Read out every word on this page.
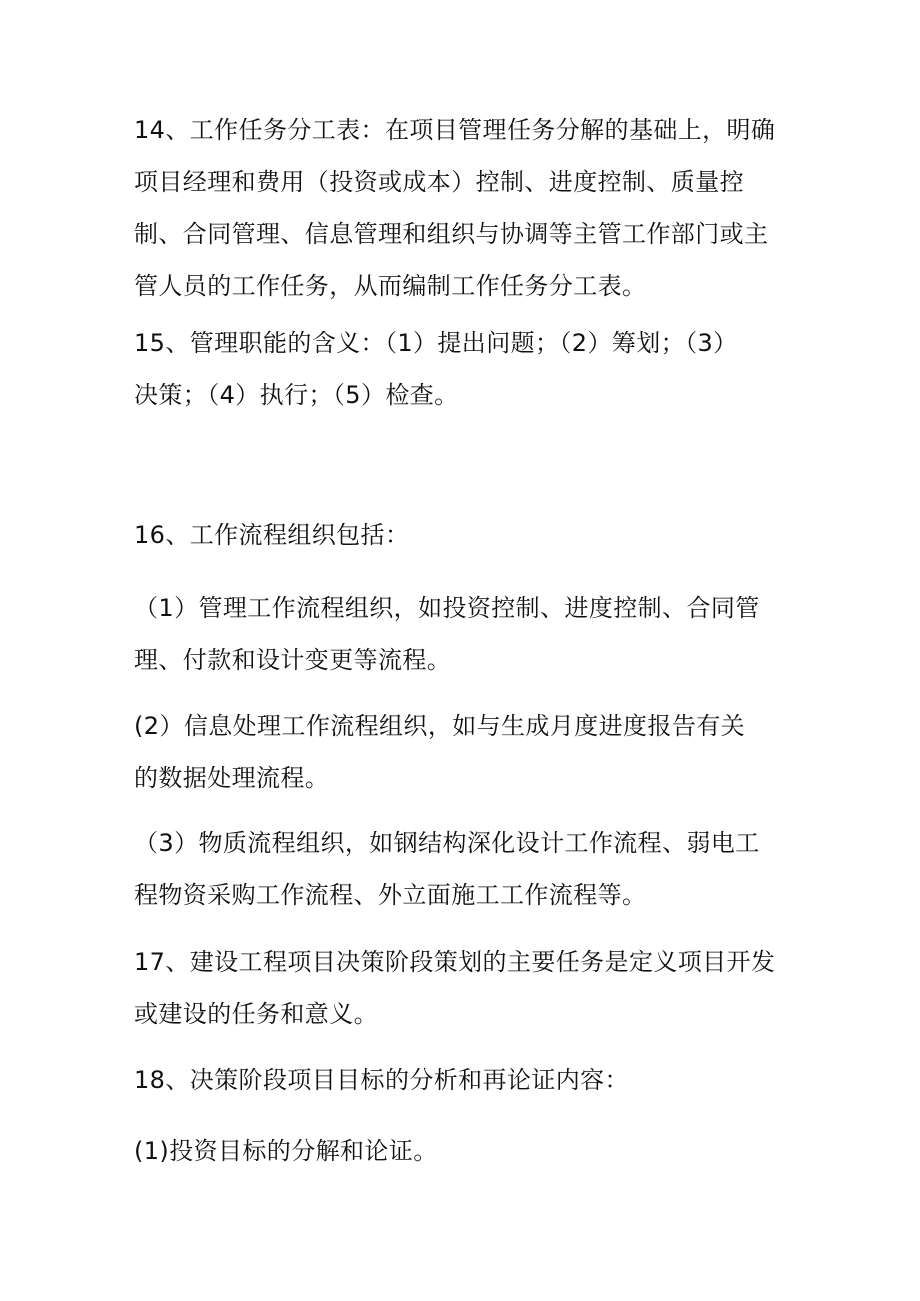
14、工作任务分工表：在项目管理任务分解的基础上，明确
项目经理和费用（投资或成本）控制、进度控制、质量控
制、合同管理、信息管理和组织与协调等主管工作部门或主
管人员的工作任务，从而编制工作任务分工表。

15、管理职能的含义：（1）提出问题；（2）筹划；（3）
决策；（4）执行；（5）检查。

16、工作流程组织包括：

（1）管理工作流程组织，如投资控制、进度控制、合同管
理、付款和设计变更等流程。

(2）信息处理工作流程组织，如与生成月度进度报告有关
的数据处理流程。

（3）物质流程组织，如钢结构深化设计工作流程、弱电工
程物资采购工作流程、外立面施工工作流程等。

17、建设工程项目决策阶段策划的主要任务是定义项目开发
或建设的任务和意义。

18、决策阶段项目目标的分析和再论证内容：

(1)投资目标的分解和论证。
